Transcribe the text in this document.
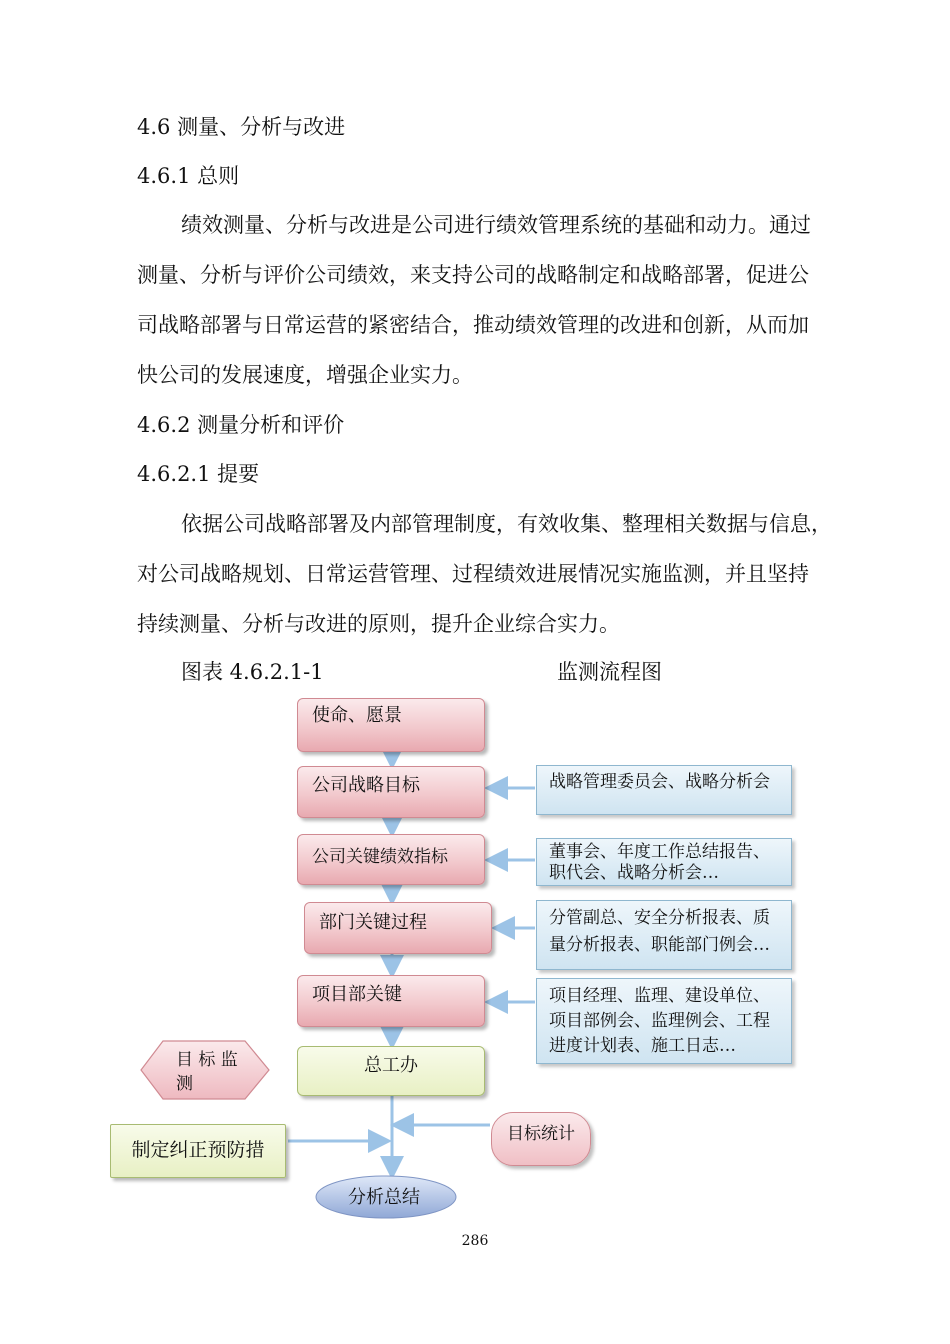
4.6 测量、分析与改进
4.6.1 总则
绩效测量、分析与改进是公司进行绩效管理系统的基础和动力。通过
测量、分析与评价公司绩效，来支持公司的战略制定和战略部署，促进公
司战略部署与日常运营的紧密结合，推动绩效管理的改进和创新，从而加
快公司的发展速度，增强企业实力。
4.6.2 测量分析和评价
4.6.2.1 提要
依据公司战略部署及内部管理制度，有效收集、整理相关数据与信息，
对公司战略规划、日常运营管理、过程绩效进展情况实施监测，并且坚持
持续测量、分析与改进的原则，提升企业综合实力。
图表 4.6.2.1-1	监测流程图
使命、愿景
公司战略目标
公司关键绩效指标
部门关键过程
项目部关键
总工办
战略管理委员会、战略分析会
董事会、年度工作总结报告、
职代会、战略分析会…
分管副总、安全分析报表、质
量分析报表、职能部门例会…
项目经理、监理、建设单位、
项目部例会、监理例会、工程
进度计划表、施工日志…
目 标 监
测
制定纠正预防措
目标统计
分析总结
286
